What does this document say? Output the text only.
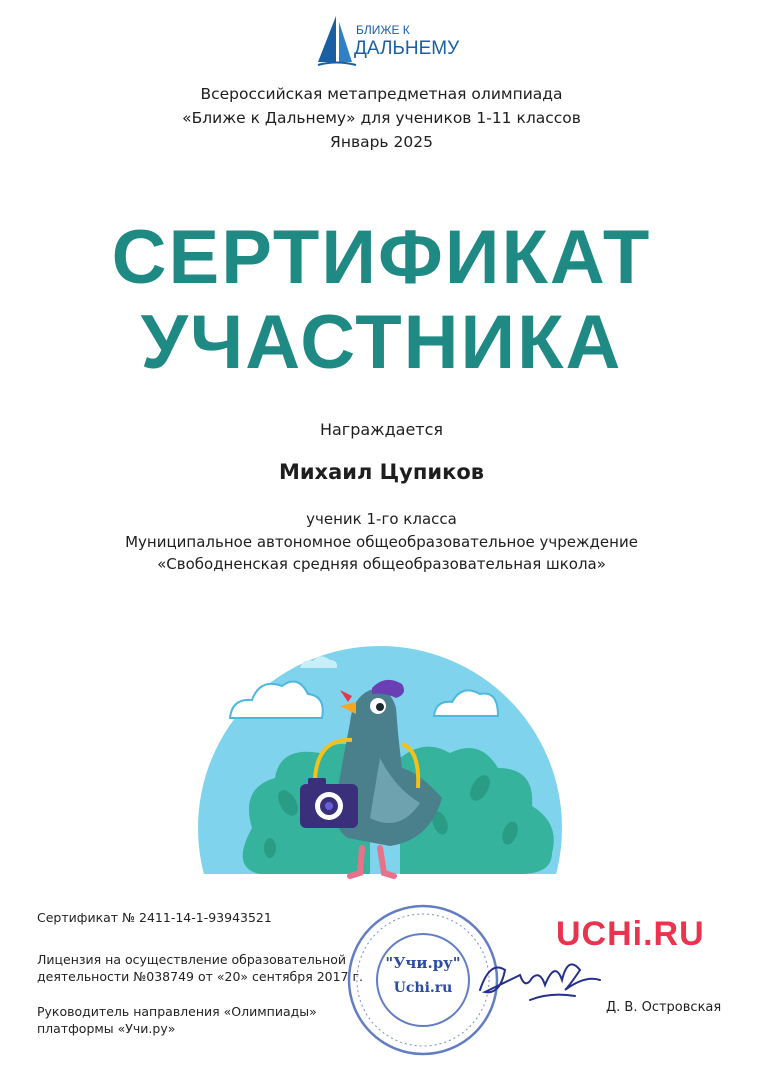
БЛИЖЕ К
ДАЛЬНЕМУ
Всероссийская метапредметная олимпиада
«Ближе к Дальнему» для учеников 1-11 классов
Январь 2025
СЕРТИФИКАТ
УЧАСТНИКА
Награждается
Михаил Цупиков
ученик 1-го класса
Муниципальное автономное общеобразовательное учреждение
«Свободненская средняя общеобразовательная школа»
Сертификат № 2411-14-1-93943521
Лицензия на осуществление образовательной
деятельности №038749 от «20» сентября 2017 г.
Руководитель направления «Олимпиады»
платформы «Учи.ру»
"Учи.ру"
Uchi.ru
UCHi.RU
Д. В. Островская
